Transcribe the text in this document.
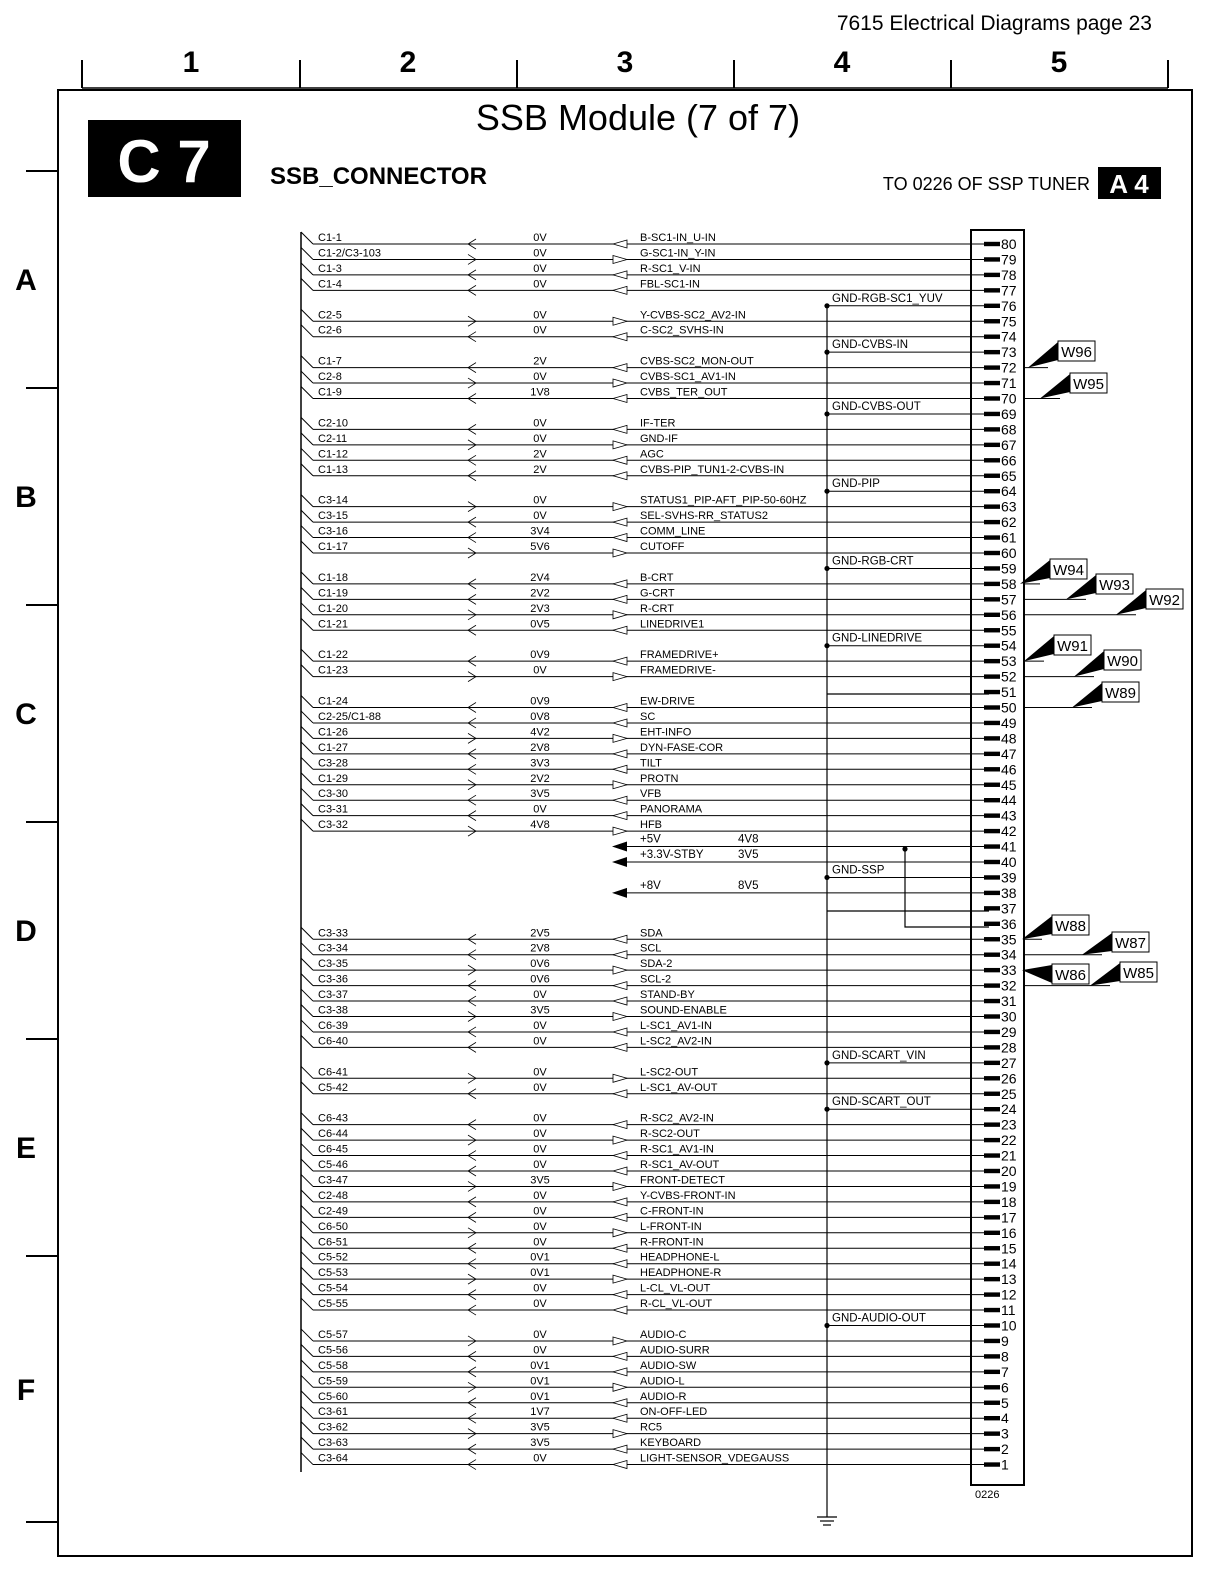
7615 Electrical Diagrams page 23
1	2	3	4	5
A
B
C
D
E
F
SSB Module (7 of 7)
C 7 SSB_CONNECTOR	TO 0226 OF SSP TUNER A 4
0226
80
79
78
77
76
75
74
73
72
71
70
69
68
67
66
65
64
63
62
61
60
59
58
57
56
55
54
53
52
51
50
49
48
47
46
45
44
43
42
41
40
39
38
37
36
35
34
33
32
31
30
29
28
27
26
25
24
23
22
21
20
19
18
17
16
15
14
13
12
11
10
9
8
7
6
5
4
3
2
1
C1-1	0V	B-SC1-IN_U-IN
C1-2/C3-103	0V	G-SC1-IN_Y-IN
C1-3	0V	R-SC1_V-IN
C1-4	0V	FBL-SC1-IN
C2-5	0V	Y-CVBS-SC2_AV2-IN
C2-6	0V	C-SC2_SVHS-IN
C1-7	2V	CVBS-SC2_MON-OUT
C2-8	0V	CVBS-SC1_AV1-IN
C1-9	1V8	CVBS_TER_OUT
C2-10	0V	IF-TER
C2-11	0V	GND-IF
C1-12	2V	AGC
C1-13	2V	CVBS-PIP_TUN1-2-CVBS-IN
C3-14	0V	STATUS1_PIP-AFT_PIP-50-60HZ
C3-15	0V	SEL-SVHS-RR_STATUS2
C3-16	3V4	COMM_LINE
C1-17	5V6	CUTOFF
C1-18	2V4	B-CRT
C1-19	2V2	G-CRT
C1-20	2V3	R-CRT
C1-21	0V5	LINEDRIVE1
C1-22	0V9	FRAMEDRIVE+
C1-23	0V	FRAMEDRIVE-
C1-24	0V9	EW-DRIVE
C2-25/C1-88	0V8	SC
C1-26	4V2	EHT-INFO
C1-27	2V8	DYN-FASE-COR
C3-28	3V3	TILT
C1-29	2V2	PROTN
C3-30	3V5	VFB
C3-31	0V	PANORAMA
C3-32	4V8	HFB
C3-33	2V5	SDA
C3-34	2V8	SCL
C3-35	0V6	SDA-2
C3-36	0V6	SCL-2
C3-37	0V	STAND-BY
C3-38	3V5	SOUND-ENABLE
C6-39	0V	L-SC1_AV1-IN
C6-40	0V	L-SC2_AV2-IN
C6-41	0V	L-SC2-OUT
C5-42	0V	L-SC1_AV-OUT
C6-43	0V	R-SC2_AV2-IN
C6-44	0V	R-SC2-OUT
C6-45	0V	R-SC1_AV1-IN
C5-46	0V	R-SC1_AV-OUT
C3-47	3V5	FRONT-DETECT
C2-48	0V	Y-CVBS-FRONT-IN
C2-49	0V	C-FRONT-IN
C6-50	0V	L-FRONT-IN
C6-51	0V	R-FRONT-IN
C5-52	0V1	HEADPHONE-L
C5-53	0V1	HEADPHONE-R
C5-54	0V	L-CL_VL-OUT
C5-55	0V	R-CL_VL-OUT
C5-57	0V	AUDIO-C
C5-56	0V	AUDIO-SURR
C5-58	0V1	AUDIO-SW
C5-59	0V1	AUDIO-L
C5-60	0V1	AUDIO-R
C3-61	1V7	ON-OFF-LED
C3-62	3V5	RC5
C3-63	3V5	KEYBOARD
C3-64	0V	LIGHT-SENSOR_VDEGAUSS
GND-RGB-SC1_YUV
GND-CVBS-IN
GND-CVBS-OUT
GND-PIP
GND-RGB-CRT
GND-LINEDRIVE
GND-SSP
GND-SCART_VIN
GND-SCART_OUT
GND-AUDIO-OUT
+5V	4V8
+3.3V-STBY	3V5
+8V	8V5
W96
W95
W94
W93
W92
W91
W90
W89
W88
W87
W86 W85
